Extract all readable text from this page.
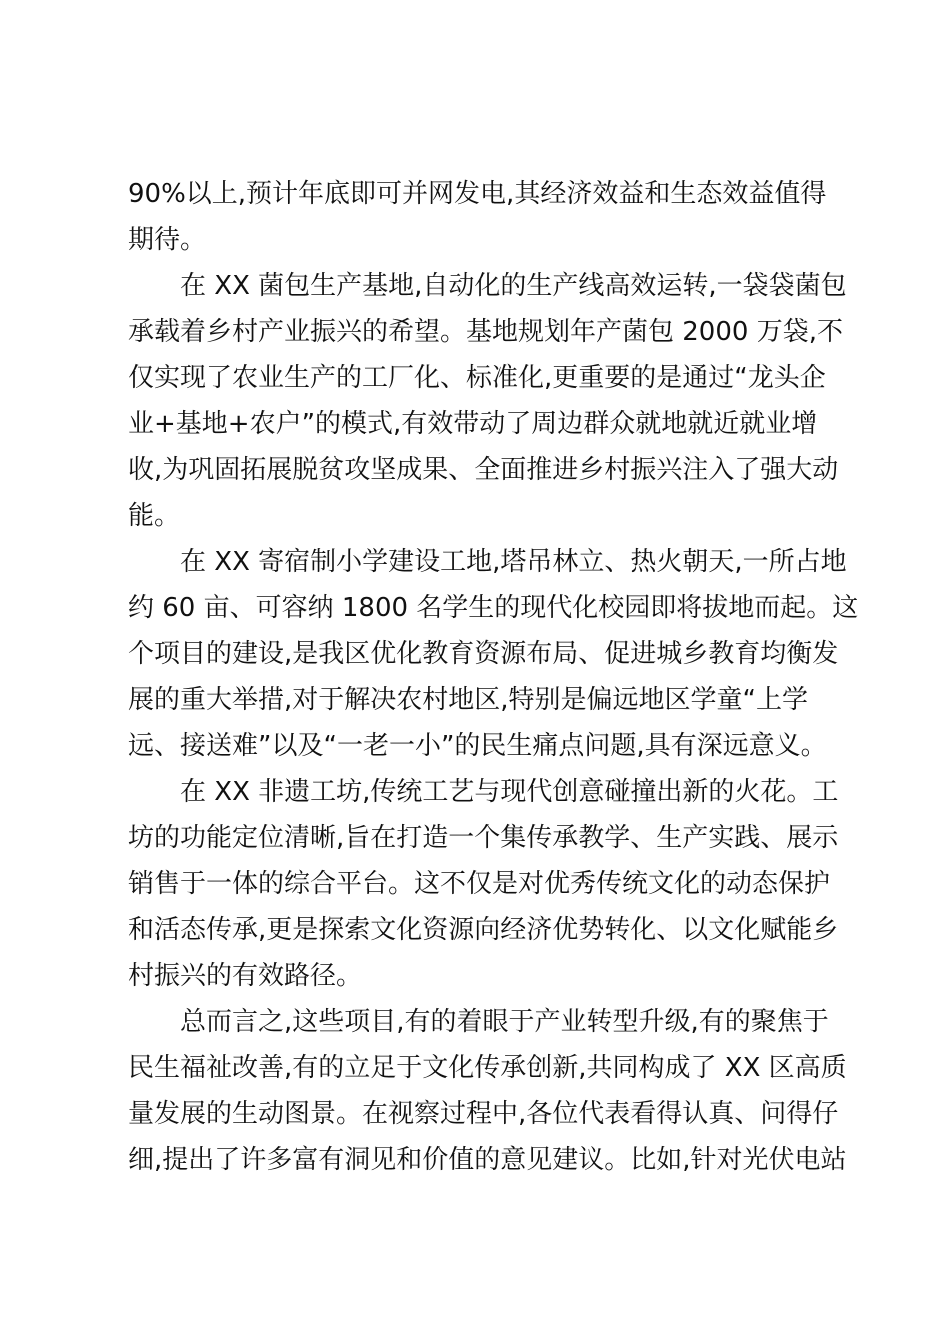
90%以上,预计年底即可并网发电,其经济效益和生态效益值得
期待。
在 XX 菌包生产基地,自动化的生产线高效运转,一袋袋菌包
承载着乡村产业振兴的希望。基地规划年产菌包 2000 万袋,不
仅实现了农业生产的工厂化、标准化,更重要的是通过“龙头企
业+基地+农户”的模式,有效带动了周边群众就地就近就业增
收,为巩固拓展脱贫攻坚成果、全面推进乡村振兴注入了强大动
能。
在 XX 寄宿制小学建设工地,塔吊林立、热火朝天,一所占地
约 60 亩、可容纳 1800 名学生的现代化校园即将拔地而起。这
个项目的建设,是我区优化教育资源布局、促进城乡教育均衡发
展的重大举措,对于解决农村地区,特别是偏远地区学童“上学
远、接送难”以及“一老一小”的民生痛点问题,具有深远意义。
在 XX 非遗工坊,传统工艺与现代创意碰撞出新的火花。工
坊的功能定位清晰,旨在打造一个集传承教学、生产实践、展示
销售于一体的综合平台。这不仅是对优秀传统文化的动态保护
和活态传承,更是探索文化资源向经济优势转化、以文化赋能乡
村振兴的有效路径。
总而言之,这些项目,有的着眼于产业转型升级,有的聚焦于
民生福祉改善,有的立足于文化传承创新,共同构成了 XX 区高质
量发展的生动图景。在视察过程中,各位代表看得认真、问得仔
细,提出了许多富有洞见和价值的意见建议。比如,针对光伏电站
